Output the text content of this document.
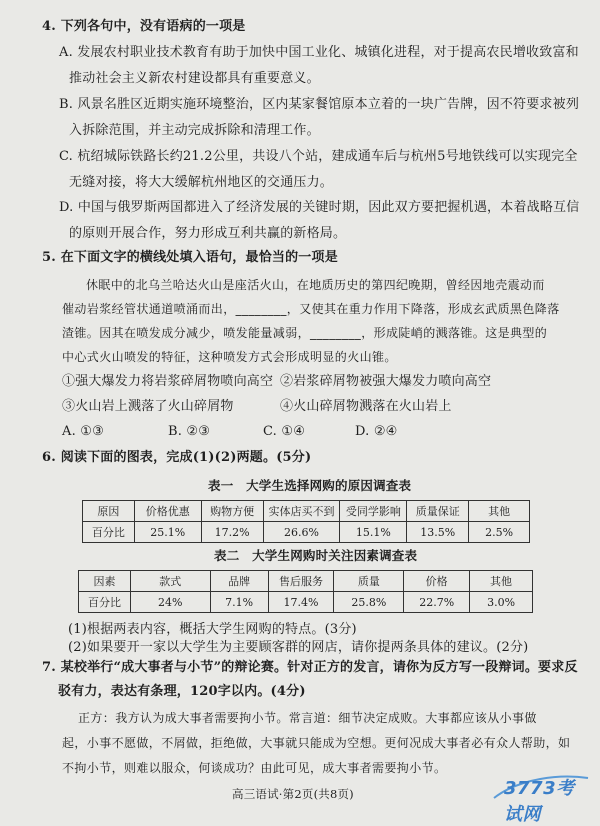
4. 下列各句中，没有语病的一项是
A. 发展农村职业技术教育有助于加快中国工业化、城镇化进程，对于提高农民增收致富和
推动社会主义新农村建设都具有重要意义。
B. 风景名胜区近期实施环境整治，区内某家餐馆原本立着的一块广告牌，因不符要求被列
入拆除范围，并主动完成拆除和清理工作。
C. 杭绍城际铁路长约21.2公里，共设八个站，建成通车后与杭州5号地铁线可以实现完全
无缝对接，将大大缓解杭州地区的交通压力。
D. 中国与俄罗斯两国都进入了经济发展的关键时期，因此双方要把握机遇，本着战略互信
的原则开展合作，努力形成互利共赢的新格局。
5. 在下面文字的横线处填入语句，最恰当的一项是
休眠中的北乌兰哈达火山是座活火山，在地质历史的第四纪晚期，曾经因地壳震动而
催动岩浆经管状通道喷涌而出，________，又使其在重力作用下降落，形成玄武质黑色降落
渣锥。因其在喷发成分减少，喷发能量减弱，________，形成陡峭的溅落锥。这是典型的
中心式火山喷发的特征，这种喷发方式会形成明显的火山锥。
①强大爆发力将岩浆碎屑物喷向高空 ②岩浆碎屑物被强大爆发力喷向高空
③火山岩上溅落了火山碎屑物	④火山碎屑物溅落在火山岩上
A. ①③	B. ②③	C. ①④	D. ②④
6. 阅读下面的图表，完成(1)(2)两题。(5分)
表一　大学生选择网购的原因调查表
原因	价格优惠	购物方便	实体店买不到	受同学影响	质量保证	其他
百分比	25.1%	17.2%	26.6%	15.1%	13.5%	2.5%
表二　大学生网购时关注因素调查表
因素	款式	品牌	售后服务	质量	价格	其他
百分比	24%	7.1%	17.4%	25.8%	22.7%	3.0%
(1)根据两表内容，概括大学生网购的特点。(3分)
(2)如果要开一家以大学生为主要顾客群的网店，请你提两条具体的建议。(2分)
7. 某校举行“成大事者与小节”的辩论赛。针对正方的发言，请你为反方写一段辩词。要求反
驳有力，表达有条理，120字以内。(4分)
正方：我方认为成大事者需要拘小节。常言道：细节决定成败。大事都应该从小事做
起，小事不愿做，不屑做，拒绝做，大事就只能成为空想。更何况成大事者必有众人帮助，如
不拘小节，则难以服众，何谈成功？由此可见，成大事者需要拘小节。
高三语试·第2页(共8页)	3773考试网
